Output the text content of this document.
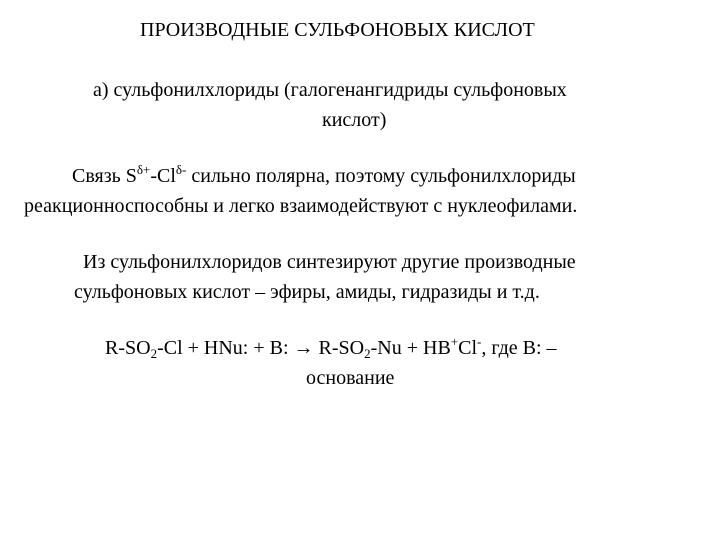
ПРОИЗВОДНЫЕ СУЛЬФОНОВЫХ КИСЛОТ
а) сульфонилхлориды (галогенангидриды сульфоновых
кислот)
Связь $S^{\delta+}-Cl^{\delta-}$ сильно полярна, поэтому сульфонилхлориды
реакционноспособны и легко взаимодействуют с нуклеофилами.
Из сульфонилхлоридов синтезируют другие производные
сульфоновых кислот – эфиры, амиды, гидразиды и т.д.
$R-SO_2-Cl$ + HNu: + B: → $R-SO_2-Nu + HB^+Cl^-$, где B: –
основание
